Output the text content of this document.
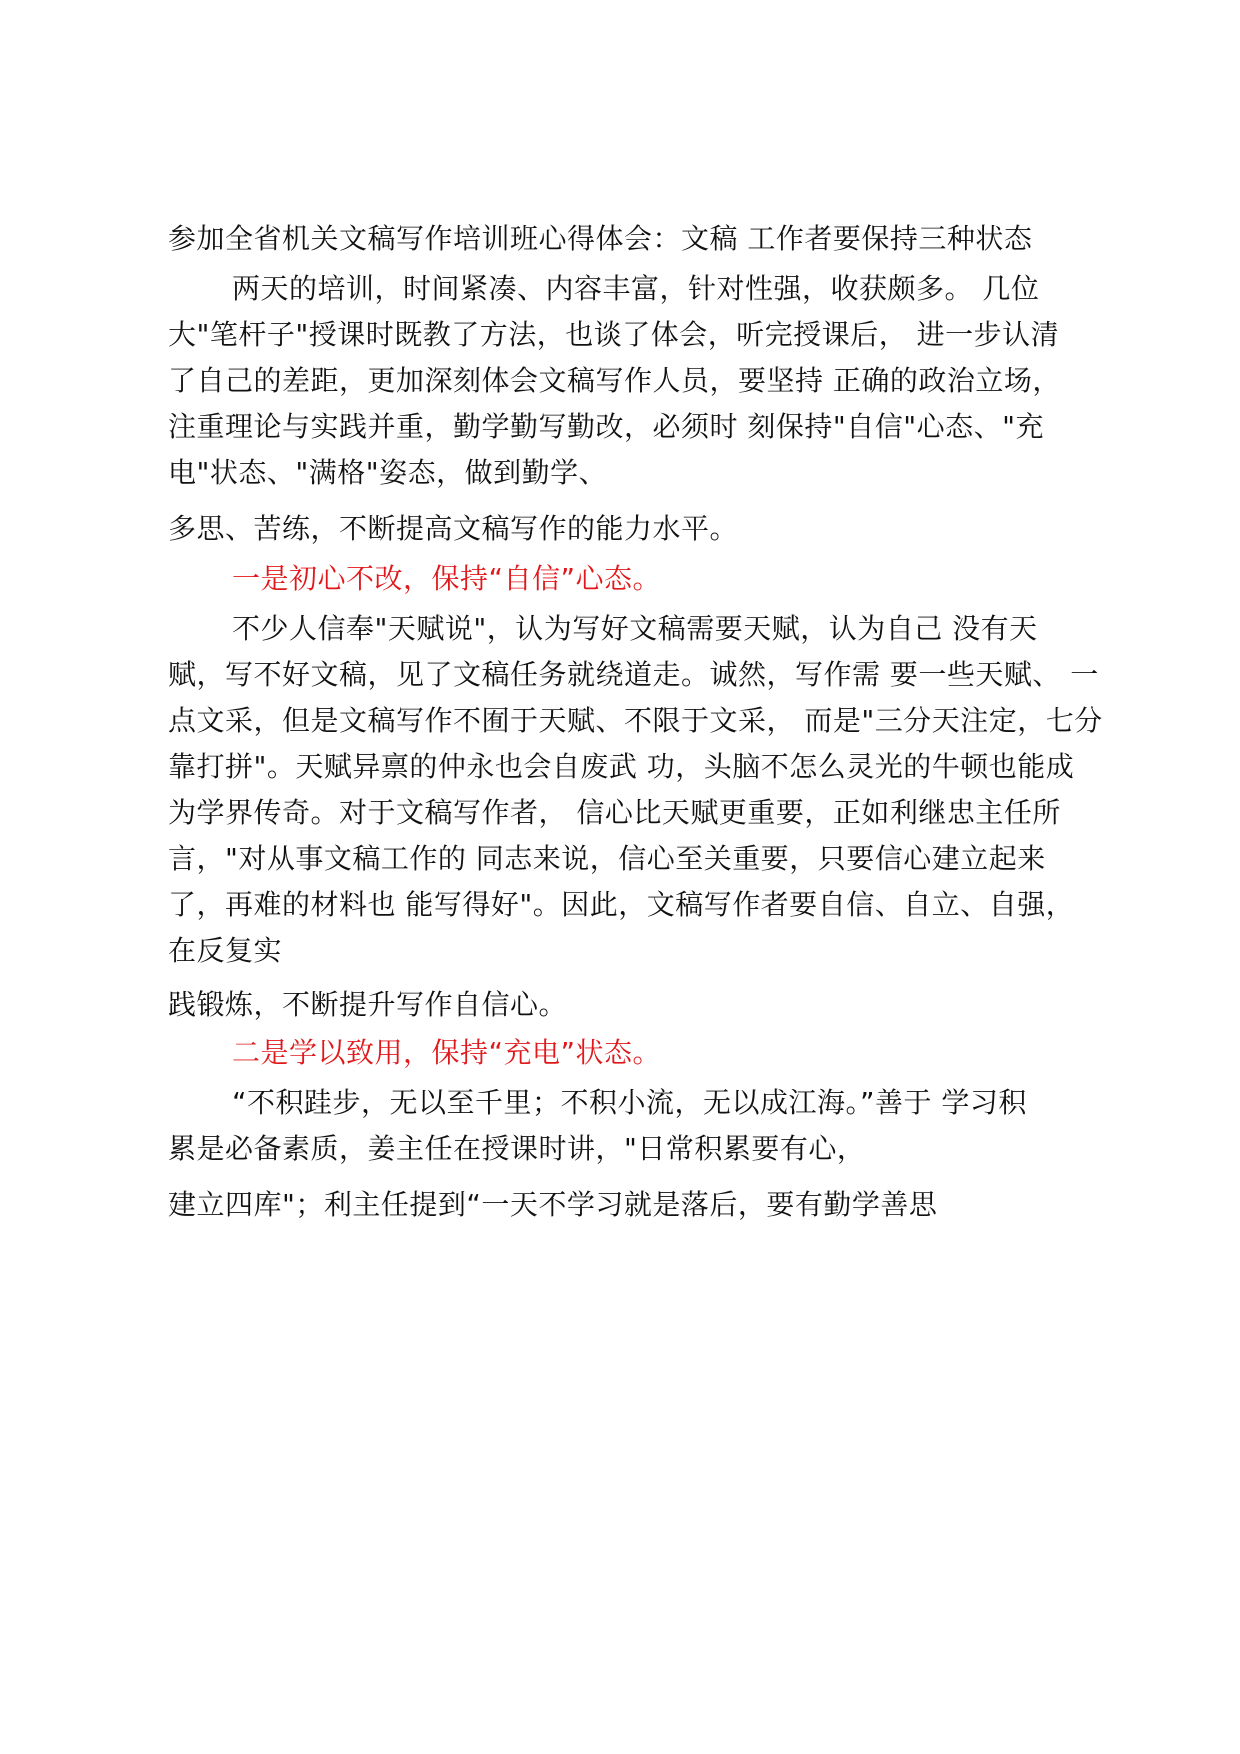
参加全省机关文稿写作培训班心得体会：文稿 工作者要保持三种状态

两天的培训，时间紧凑、内容丰富，针对性强，收获颇多。 几位

大"笔杆子"授课时既教了方法，也谈了体会，听完授课后， 进一步认清

了自己的差距，更加深刻体会文稿写作人员，要坚持 正确的政治立场，

注重理论与实践并重，勤学勤写勤改，必须时 刻保持"自信"心态、"充

电"状态、"满格"姿态，做到勤学、

多思、苦练，不断提高文稿写作的能力水平。

一是初心不改，保持“自信”心态。

不少人信奉"天赋说"，认为写好文稿需要天赋，认为自己 没有天

赋，写不好文稿，见了文稿任务就绕道走。诚然，写作需 要一些天赋、 一

点文采，但是文稿写作不囿于天赋、不限于文采， 而是"三分天注定，七分

靠打拼"。天赋异禀的仲永也会自废武 功，头脑不怎么灵光的牛顿也能成

为学界传奇。对于文稿写作者， 信心比天赋更重要，正如利继忠主任所

言，"对从事文稿工作的 同志来说，信心至关重要，只要信心建立起来

了，再难的材料也 能写得好"。因此，文稿写作者要自信、自立、自强，

在反复实

践锻炼，不断提升写作自信心。

二是学以致用，保持“充电”状态。

“不积跬步，无以至千里；不积小流，无以成江海。”善于 学习积

累是必备素质，姜主任在授课时讲，"日常积累要有心，

建立四库"；利主任提到“一天不学习就是落后，要有勤学善思
